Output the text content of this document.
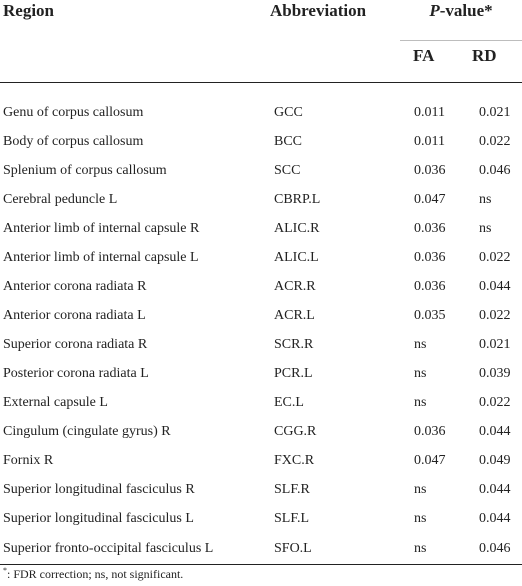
Region	Abbreviation	P-value*	
		FA	RD
Genu of corpus callosum	GCC	0.011	0.021
Body of corpus callosum	BCC	0.011	0.022
Splenium of corpus callosum	SCC	0.036	0.046
Cerebral peduncle L	CBRP.L	0.047	ns
Anterior limb of internal capsule R	ALIC.R	0.036	ns
Anterior limb of internal capsule L	ALIC.L	0.036	0.022
Anterior corona radiata R	ACR.R	0.036	0.044
Anterior corona radiata L	ACR.L	0.035	0.022
Superior corona radiata R	SCR.R	ns	0.021
Posterior corona radiata L	PCR.L	ns	0.039
External capsule L	EC.L	ns	0.022
Cingulum (cingulate gyrus) R	CGG.R	0.036	0.044
Fornix R	FXC.R	0.047	0.049
Superior longitudinal fasciculus R	SLF.R	ns	0.044
Superior longitudinal fasciculus L	SLF.L	ns	0.044
Superior fronto-occipital fasciculus L	SFO.L	ns	0.046
*: FDR correction; ns, not significant.
